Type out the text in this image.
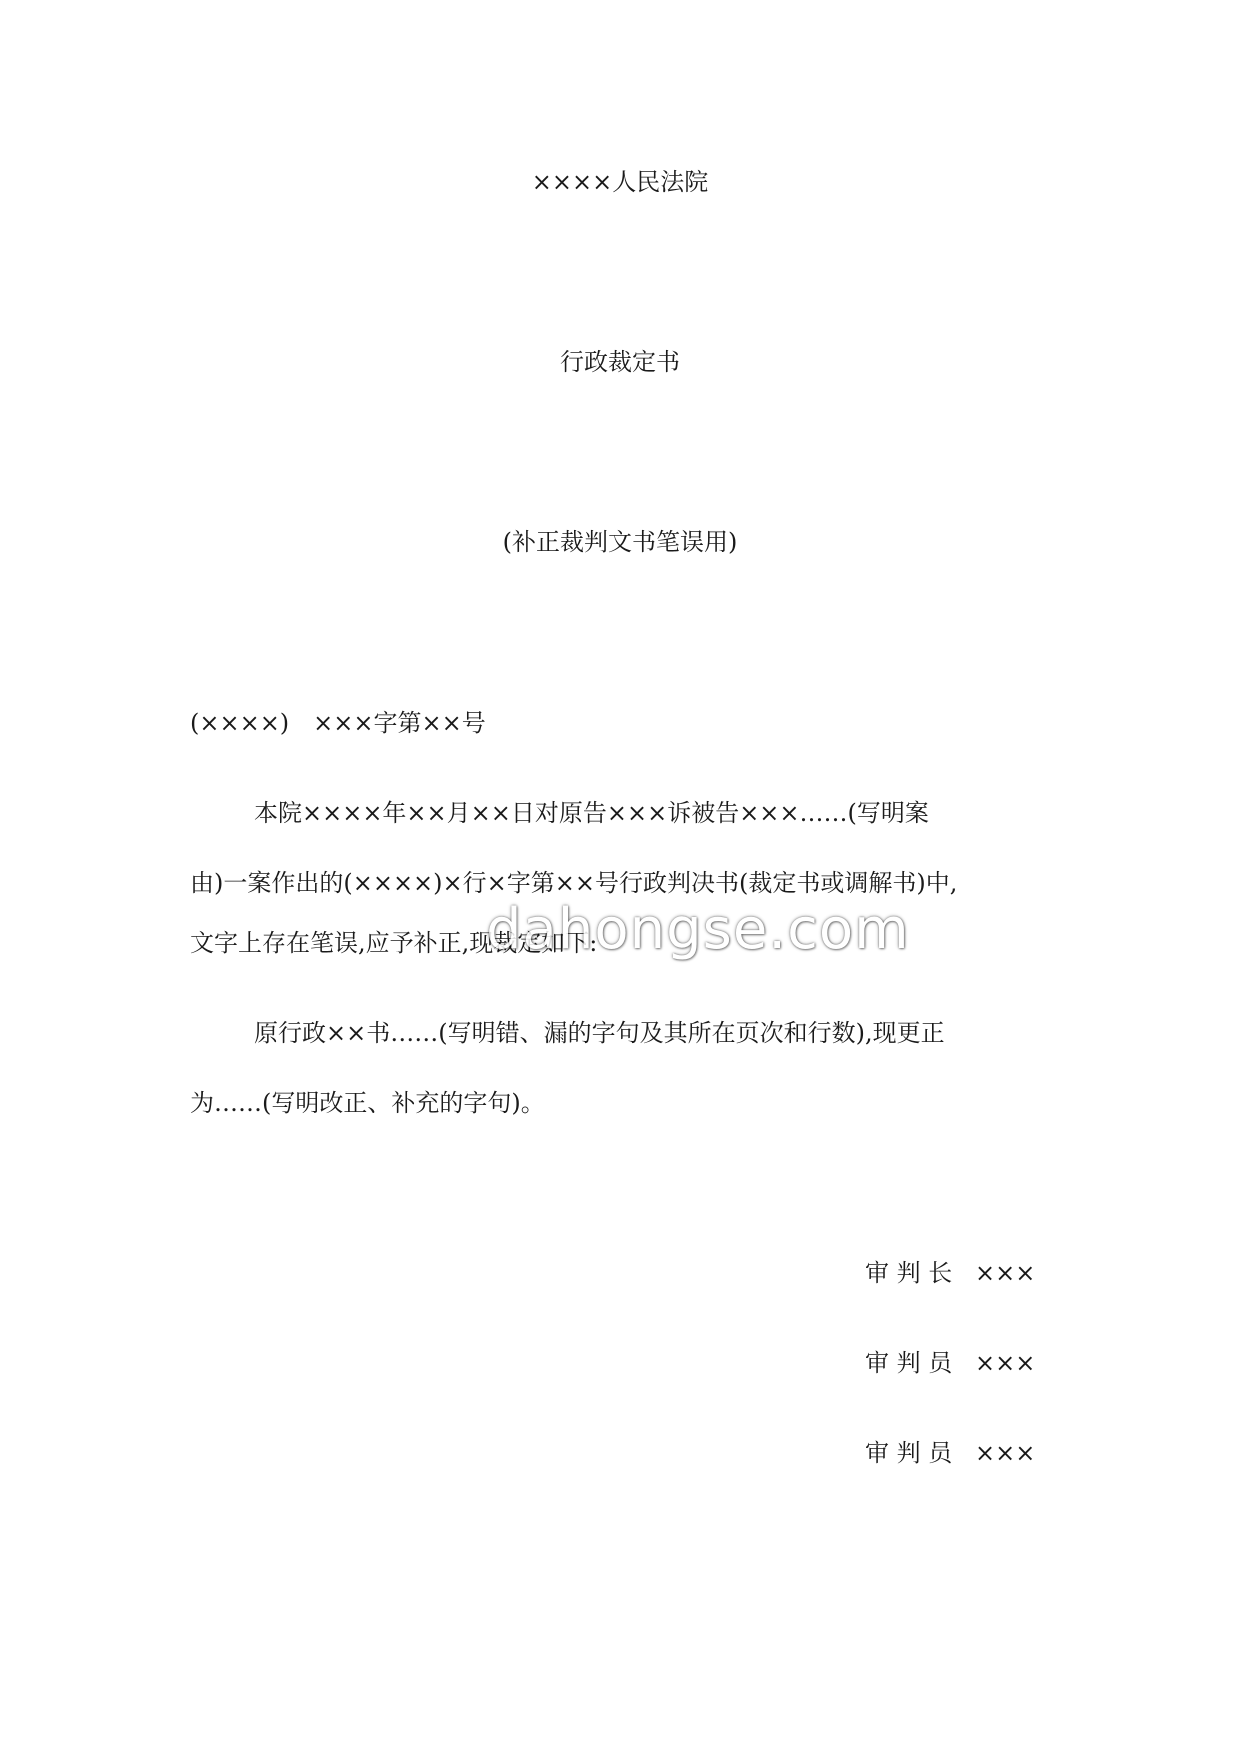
××××人民法院
行政裁定书
(补正裁判文书笔误用)
(××××)　×××字第××号
本院××××年××月××日对原告×××诉被告×××……(写明案
由)一案作出的(××××)×行×字第××号行政判决书(裁定书或调解书)中,
文字上存在笔误,应予补正,现裁定如下:
原行政××书……(写明错、漏的字句及其所在页次和行数),现更正
为……(写明改正、补充的字句)。
审 判 长 ×××
审 判 员 ×××
审 判 员 ×××
dahongse.com
